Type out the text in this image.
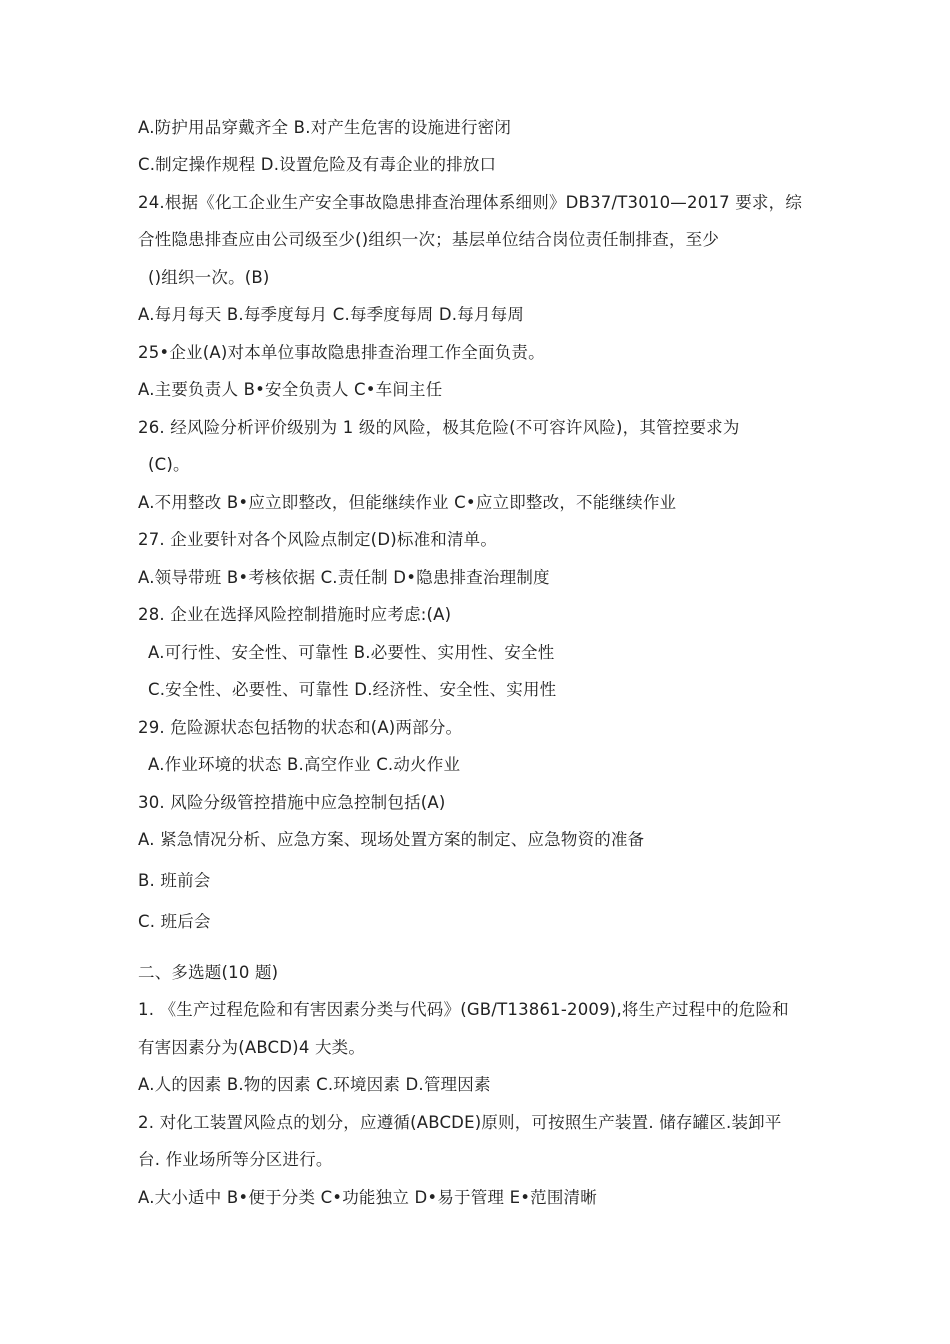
A.防护用品穿戴齐全 B.对产生危害的设施进行密闭
C.制定操作规程 D.设置危险及有毒企业的排放口
24.根据《化工企业生产安全事故隐患排查治理体系细则》DB37/T3010—2017 要求，综
合性隐患排查应由公司级至少()组织一次；基层单位结合岗位责任制排查，至少
()组织一次。(B)
A.每月每天 B.每季度每月 C.每季度每周 D.每月每周
25•企业(A)对本单位事故隐患排查治理工作全面负责。
A.主要负责人 B•安全负责人 C•车间主任
26. 经风险分析评价级别为 1 级的风险，极其危险(不可容许风险)，其管控要求为
(C)。
A.不用整改 B•应立即整改，但能继续作业 C•应立即整改，不能继续作业
27. 企业要针对各个风险点制定(D)标准和清单。
A.领导带班 B•考核依据 C.责任制 D•隐患排查治理制度
28. 企业在选择风险控制措施时应考虑:(A)
A.可行性、安全性、可靠性 B.必要性、实用性、安全性
C.安全性、必要性、可靠性 D.经济性、安全性、实用性
29. 危险源状态包括物的状态和(A)两部分。
A.作业环境的状态 B.高空作业 C.动火作业
30. 风险分级管控措施中应急控制包括(A)
A. 紧急情况分析、应急方案、现场处置方案的制定、应急物资的准备
B. 班前会
C. 班后会
二、多选题(10 题)
1. 《生产过程危险和有害因素分类与代码》(GB/T13861-2009),将生产过程中的危险和
有害因素分为(ABCD)4 大类。
A.人的因素 B.物的因素 C.环境因素 D.管理因素
2. 对化工装置风险点的划分，应遵循(ABCDE)原则，可按照生产装置. 储存罐区.装卸平
台. 作业场所等分区进行。
A.大小适中 B•便于分类 C•功能独立 D•易于管理 E•范围清晰
